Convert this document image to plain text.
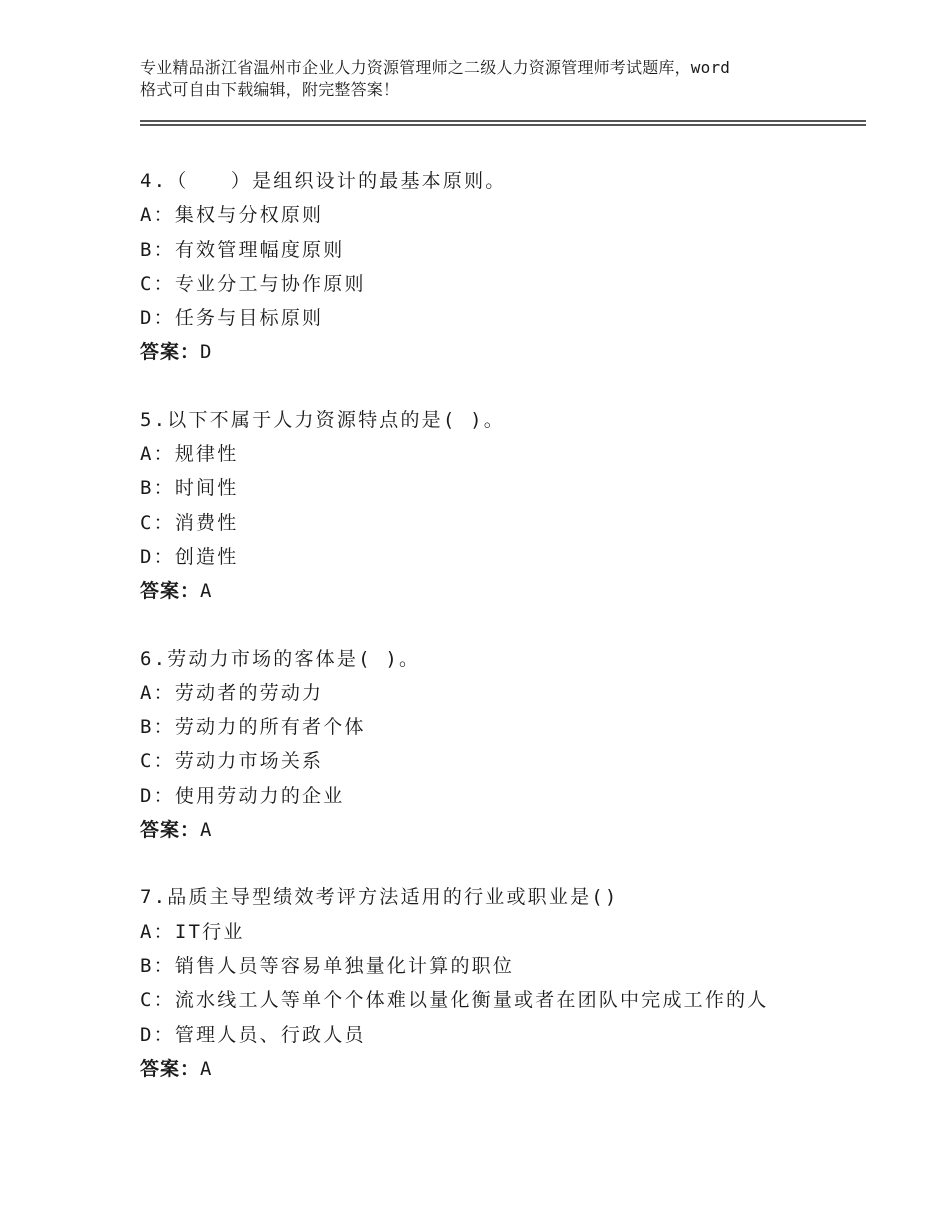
专业精品浙江省温州市企业人力资源管理师之二级人力资源管理师考试题库，word
格式可自由下载编辑，附完整答案！
4.（　　）是组织设计的最基本原则。
A：集权与分权原则
B：有效管理幅度原则
C：专业分工与协作原则
D：任务与目标原则
答案：D
5.以下不属于人力资源特点的是( )。
A：规律性
B：时间性
C：消费性
D：创造性
答案：A
6.劳动力市场的客体是( )。
A：劳动者的劳动力
B：劳动力的所有者个体
C：劳动力市场关系
D：使用劳动力的企业
答案：A
7.品质主导型绩效考评方法适用的行业或职业是()
A：IT行业
B：销售人员等容易单独量化计算的职位
C：流水线工人等单个个体难以量化衡量或者在团队中完成工作的人
D：管理人员、行政人员
答案：A
